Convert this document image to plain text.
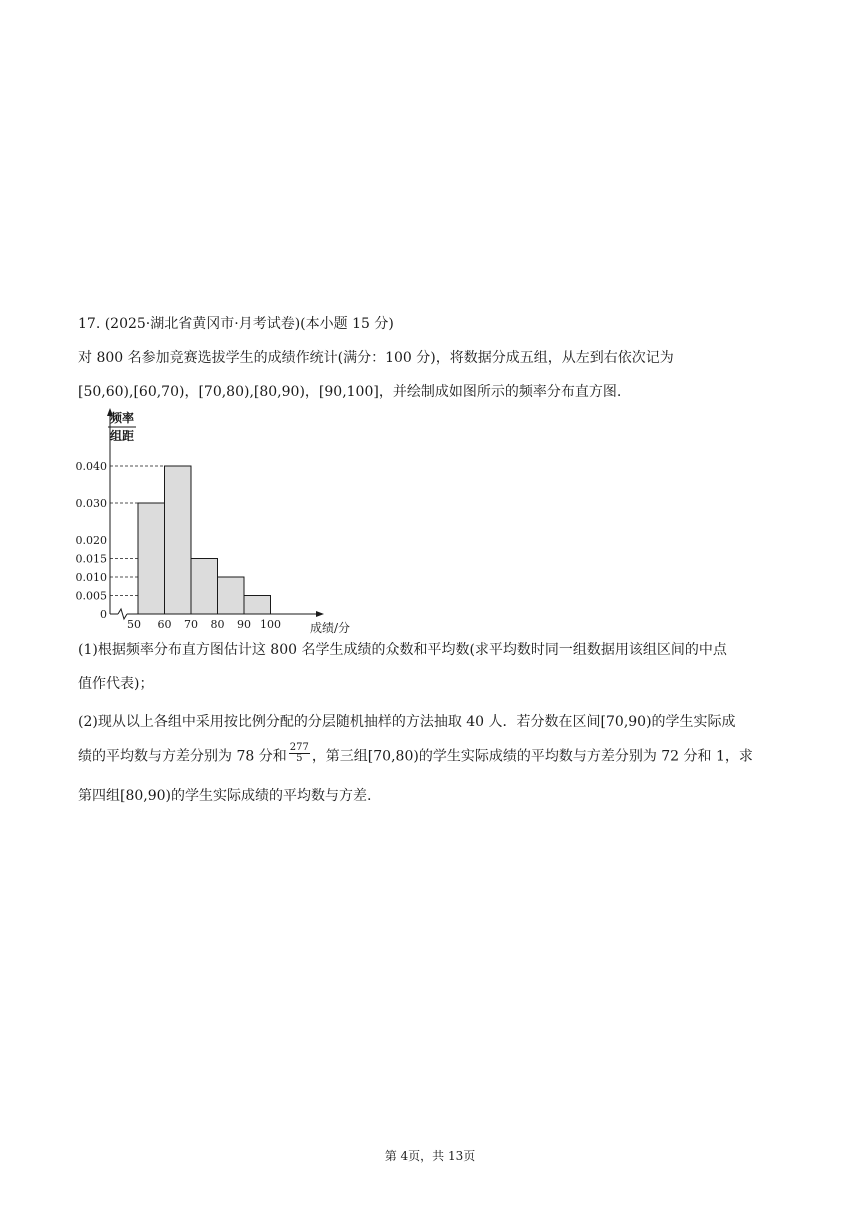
17. (2025·湖北省黄冈市·月考试卷)(本小题 15 分)
对 800 名参加竞赛选拔学生的成绩作统计(满分：100 分)，将数据分成五组，从左到右依次记为
[50,60),[60,70)，[70,80),[80,90)，[90,100]，并绘制成如图所示的频率分布直方图.
0.040
0.030
0.020
0.015
0.010
0.005
0
50 60 70 80 90 100
频率
组距
成绩/分
(1)根据频率分布直方图估计这 800 名学生成绩的众数和平均数(求平均数时同一组数据用该组区间的中点
值作代表)；
(2)现从以上各组中采用按比例分配的分层随机抽样的方法抽取 40 人．若分数在区间[70,90)的学生实际成
绩的平均数与方差分别为 78 分和 $\frac{277}{5}$ ，第三组[70,80)的学生实际成绩的平均数与方差分别为 72 分和 1，求
第四组[80,90)的学生实际成绩的平均数与方差.
第 4页，共 13页
